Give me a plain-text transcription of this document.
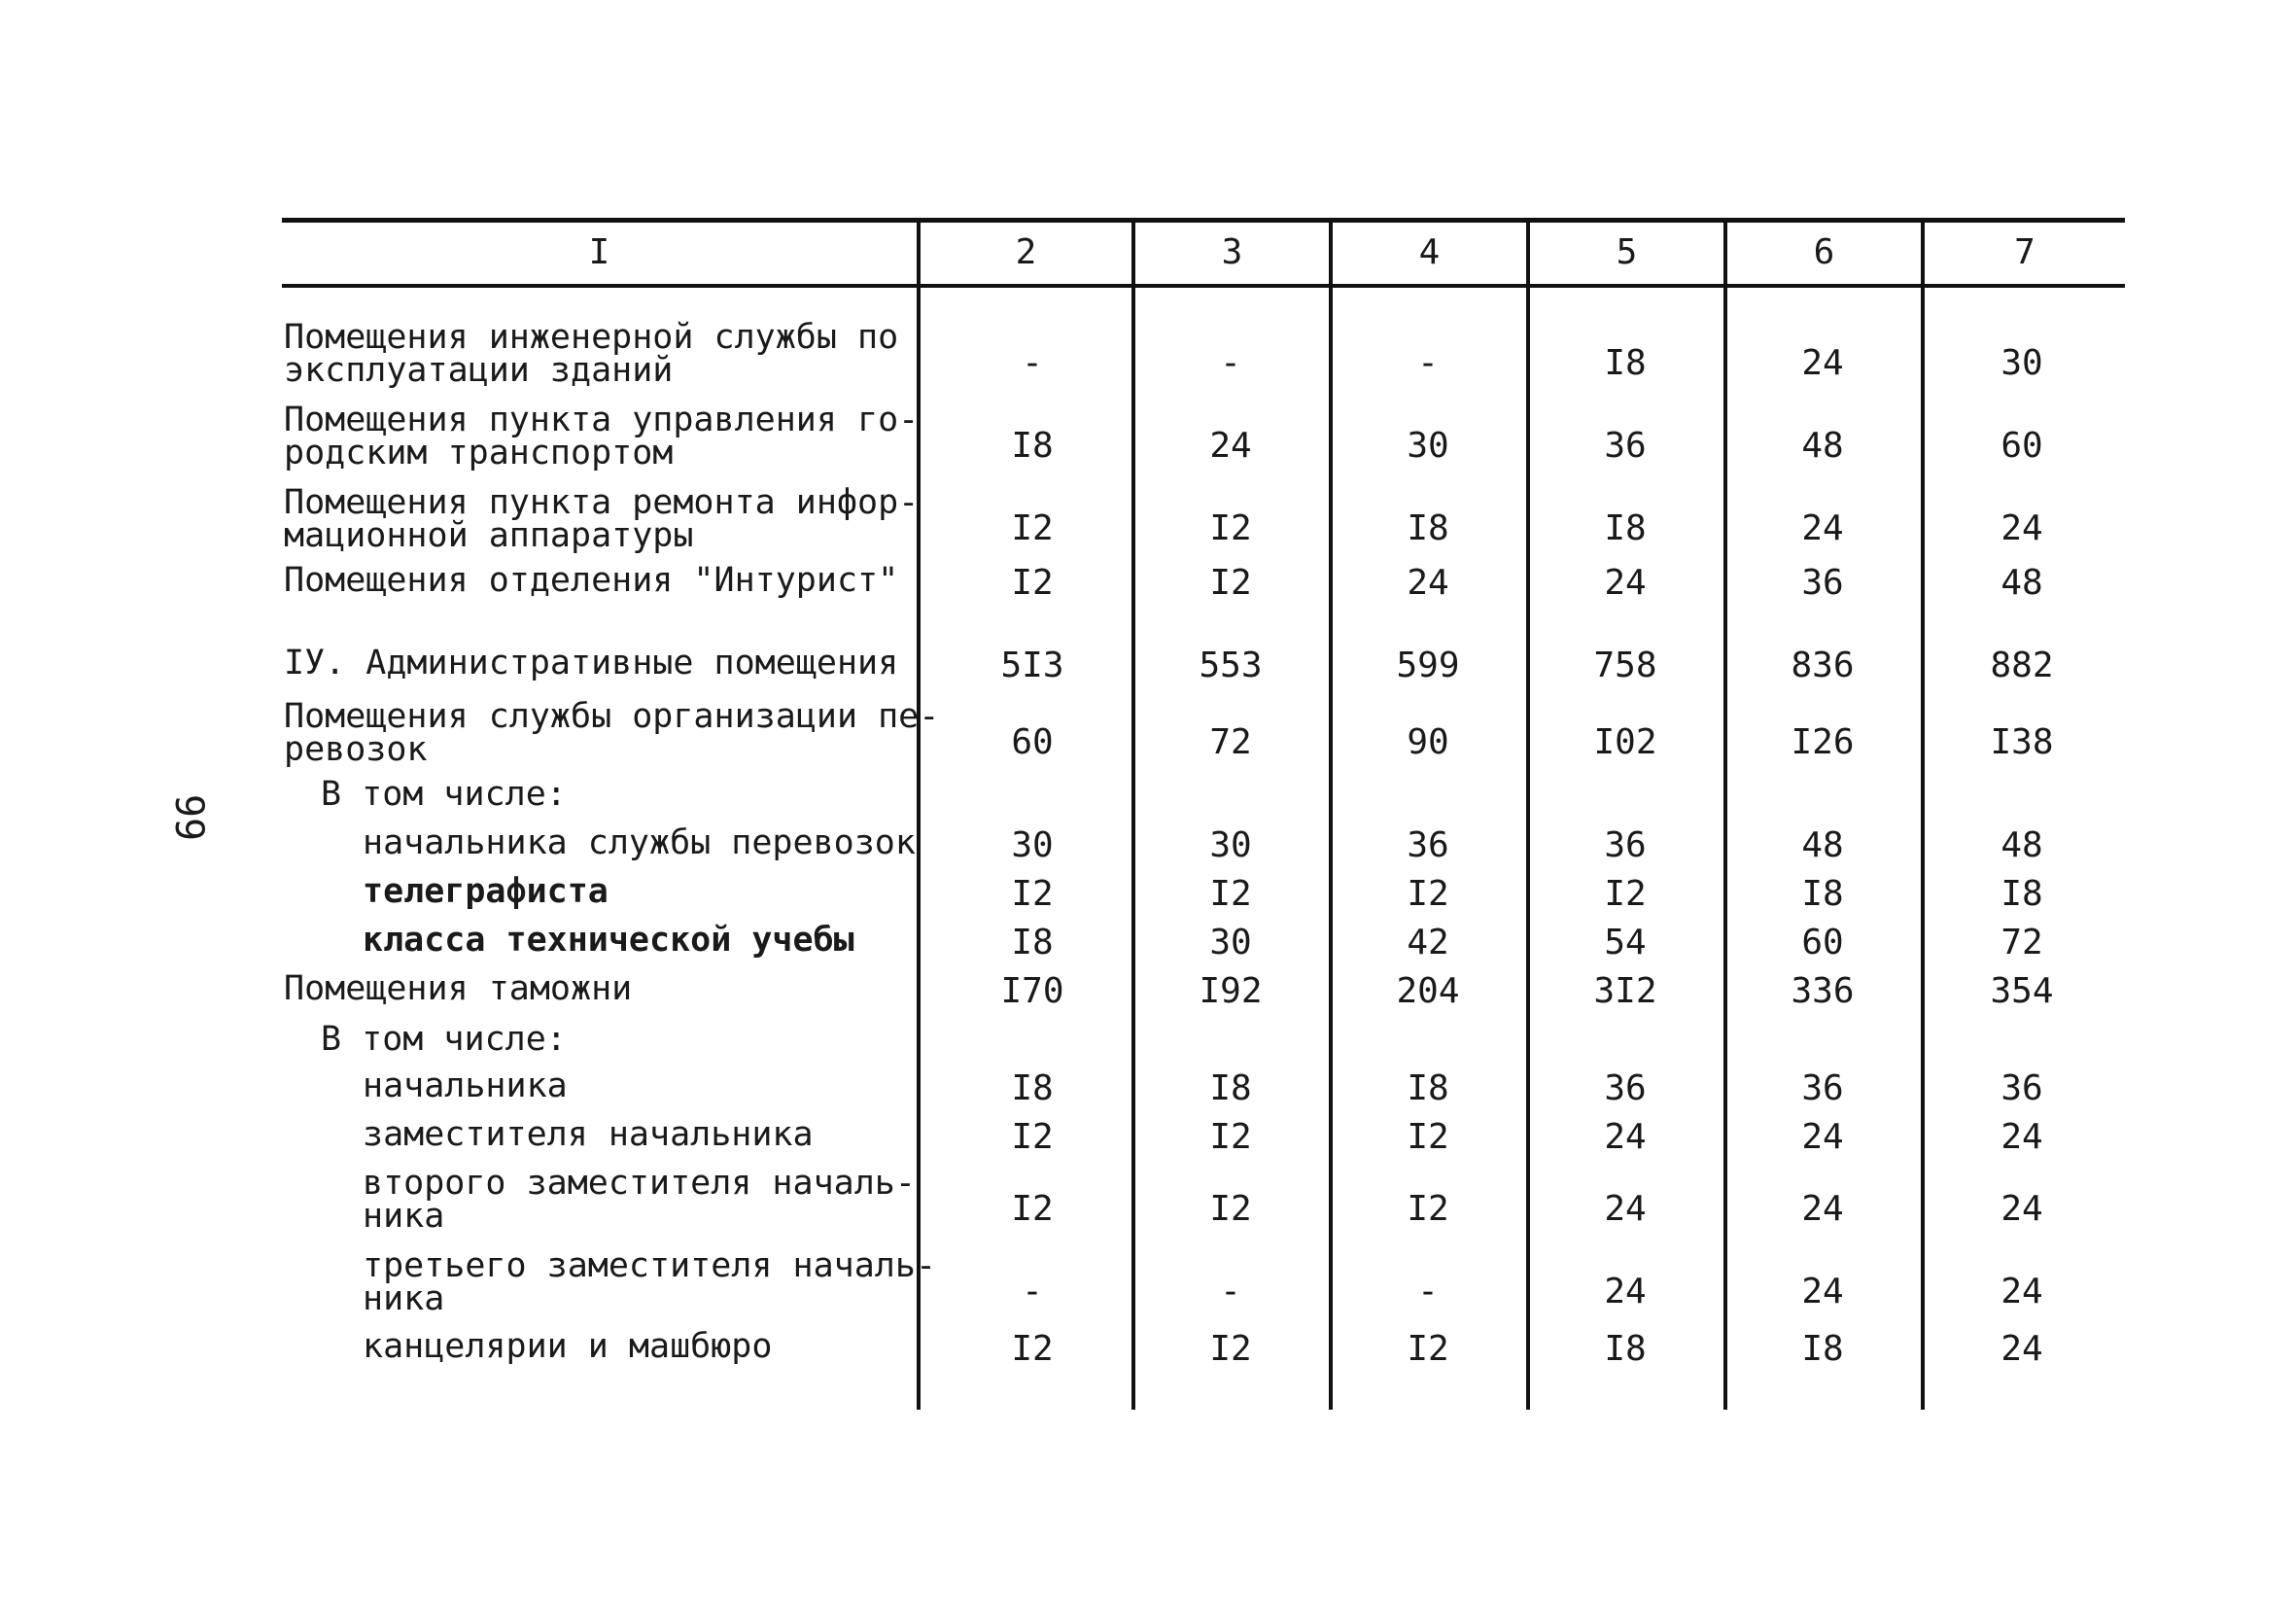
99
I	2	3	4	5	6	7
Помещения инженерной службы по
эксплуатации зданий	-	-	-	I8	24	30
Помещения пункта управления го-
родским транспортом	I8	24	30	36	48	60
Помещения пункта ремонта инфор-
мационной аппаратуры	I2	I2	I8	I8	24	24
Помещения отделения "Интурист"	I2	I2	24	24	36	48
IУ. Административные помещения	5I3	553	599	758	836	882
Помещения службы организации пе-
ревозок	60	72	90	I02	I26	I38
В том числе:
начальника службы перевозок	30	30	36	36	48	48
телеграфиста	I2	I2	I2	I2	I8	I8
класса технической учебы	I8	30	42	54	60	72
Помещения таможни	I70	I92	204	3I2	336	354
В том числе:
начальника	I8	I8	I8	36	36	36
заместителя начальника	I2	I2	I2	24	24	24
второго заместителя началь-
ника	I2	I2	I2	24	24	24
третьего заместителя началь-
ника	-	-	-	24	24	24
канцелярии и машбюро	I2	I2	I2	I8	I8	24
